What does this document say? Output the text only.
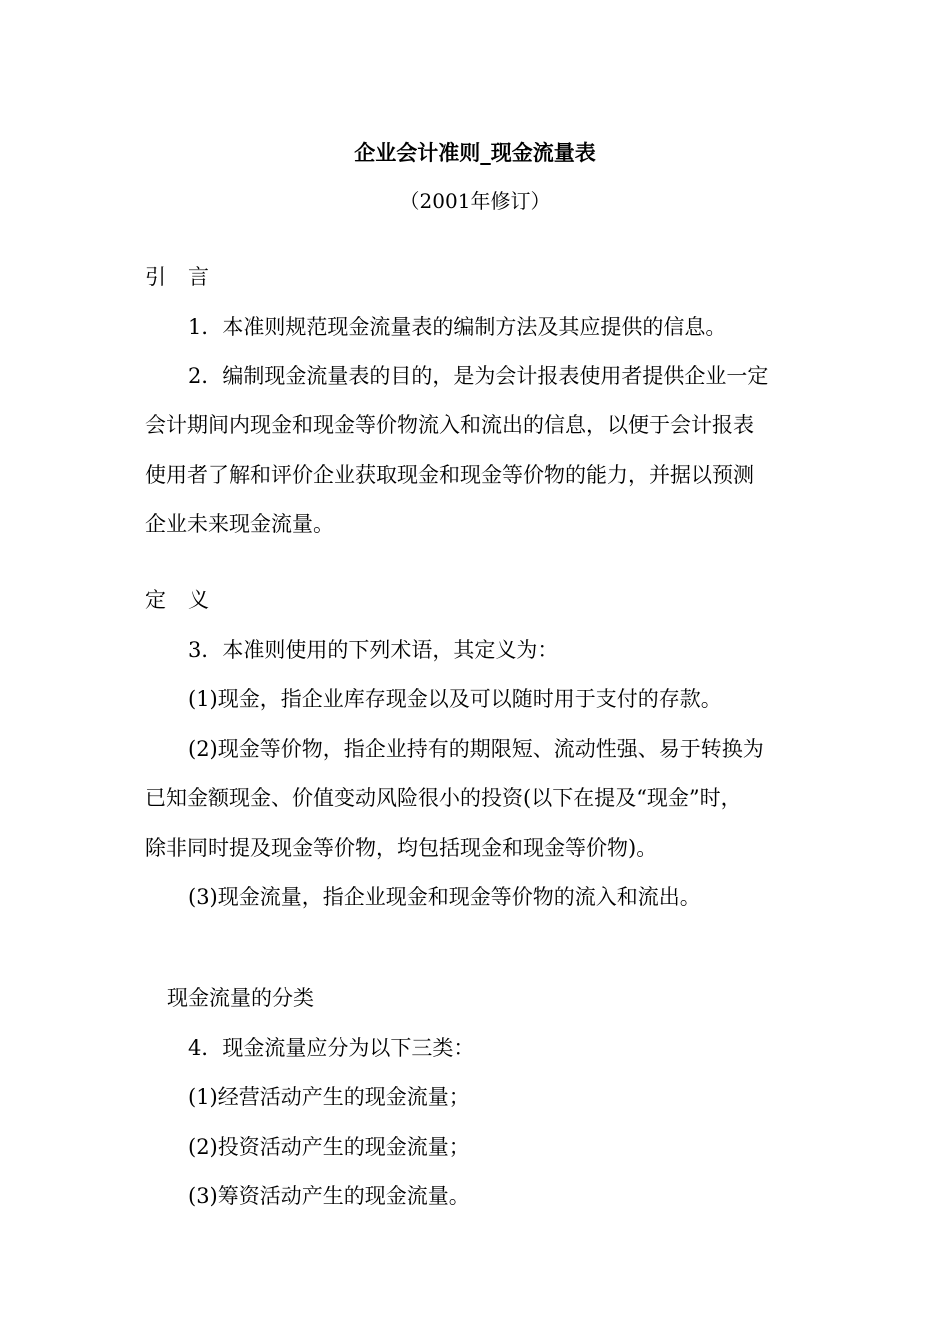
企业会计准则_现金流量表
（2001年修订）
引 言
1．本准则规范现金流量表的编制方法及其应提供的信息。
2．编制现金流量表的目的，是为会计报表使用者提供企业一定
会计期间内现金和现金等价物流入和流出的信息，以便于会计报表
使用者了解和评价企业获取现金和现金等价物的能力，并据以预测
企业未来现金流量。
定 义
3．本准则使用的下列术语，其定义为：
(1)现金，指企业库存现金以及可以随时用于支付的存款。
(2)现金等价物，指企业持有的期限短、流动性强、易于转换为
已知金额现金、价值变动风险很小的投资(以下在提及“现金”时，
除非同时提及现金等价物，均包括现金和现金等价物)。
(3)现金流量，指企业现金和现金等价物的流入和流出。
现金流量的分类
4．现金流量应分为以下三类：
(1)经营活动产生的现金流量；
(2)投资活动产生的现金流量；
(3)筹资活动产生的现金流量。
